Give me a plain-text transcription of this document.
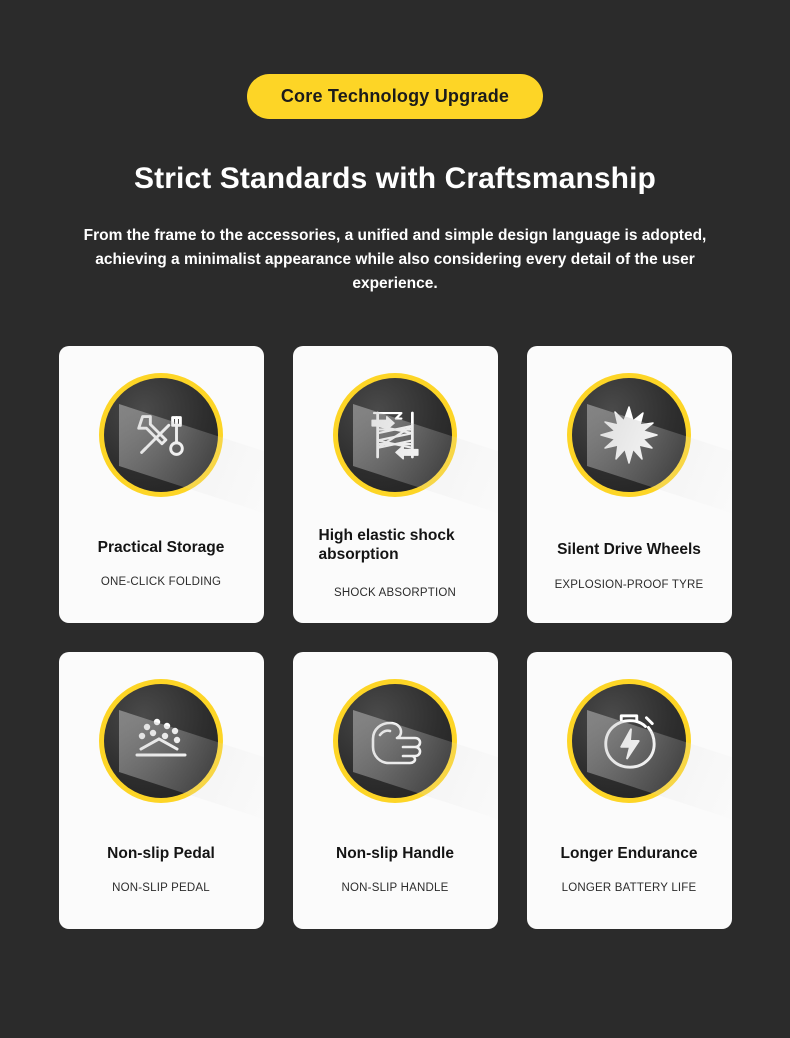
Core Technology Upgrade
Strict Standards with Craftsmanship
From the frame to the accessories, a unified and simple design language is adopted, achieving a minimalist appearance while also considering every detail of the user experience.
Practical Storage
ONE-CLICK FOLDING
High elastic shock absorption
SHOCK ABSORPTION
Silent Drive Wheels
EXPLOSION-PROOF TYRE
Non-slip Pedal
NON-SLIP PEDAL
Non-slip Handle
NON-SLIP HANDLE
Longer Endurance
LONGER BATTERY LIFE
